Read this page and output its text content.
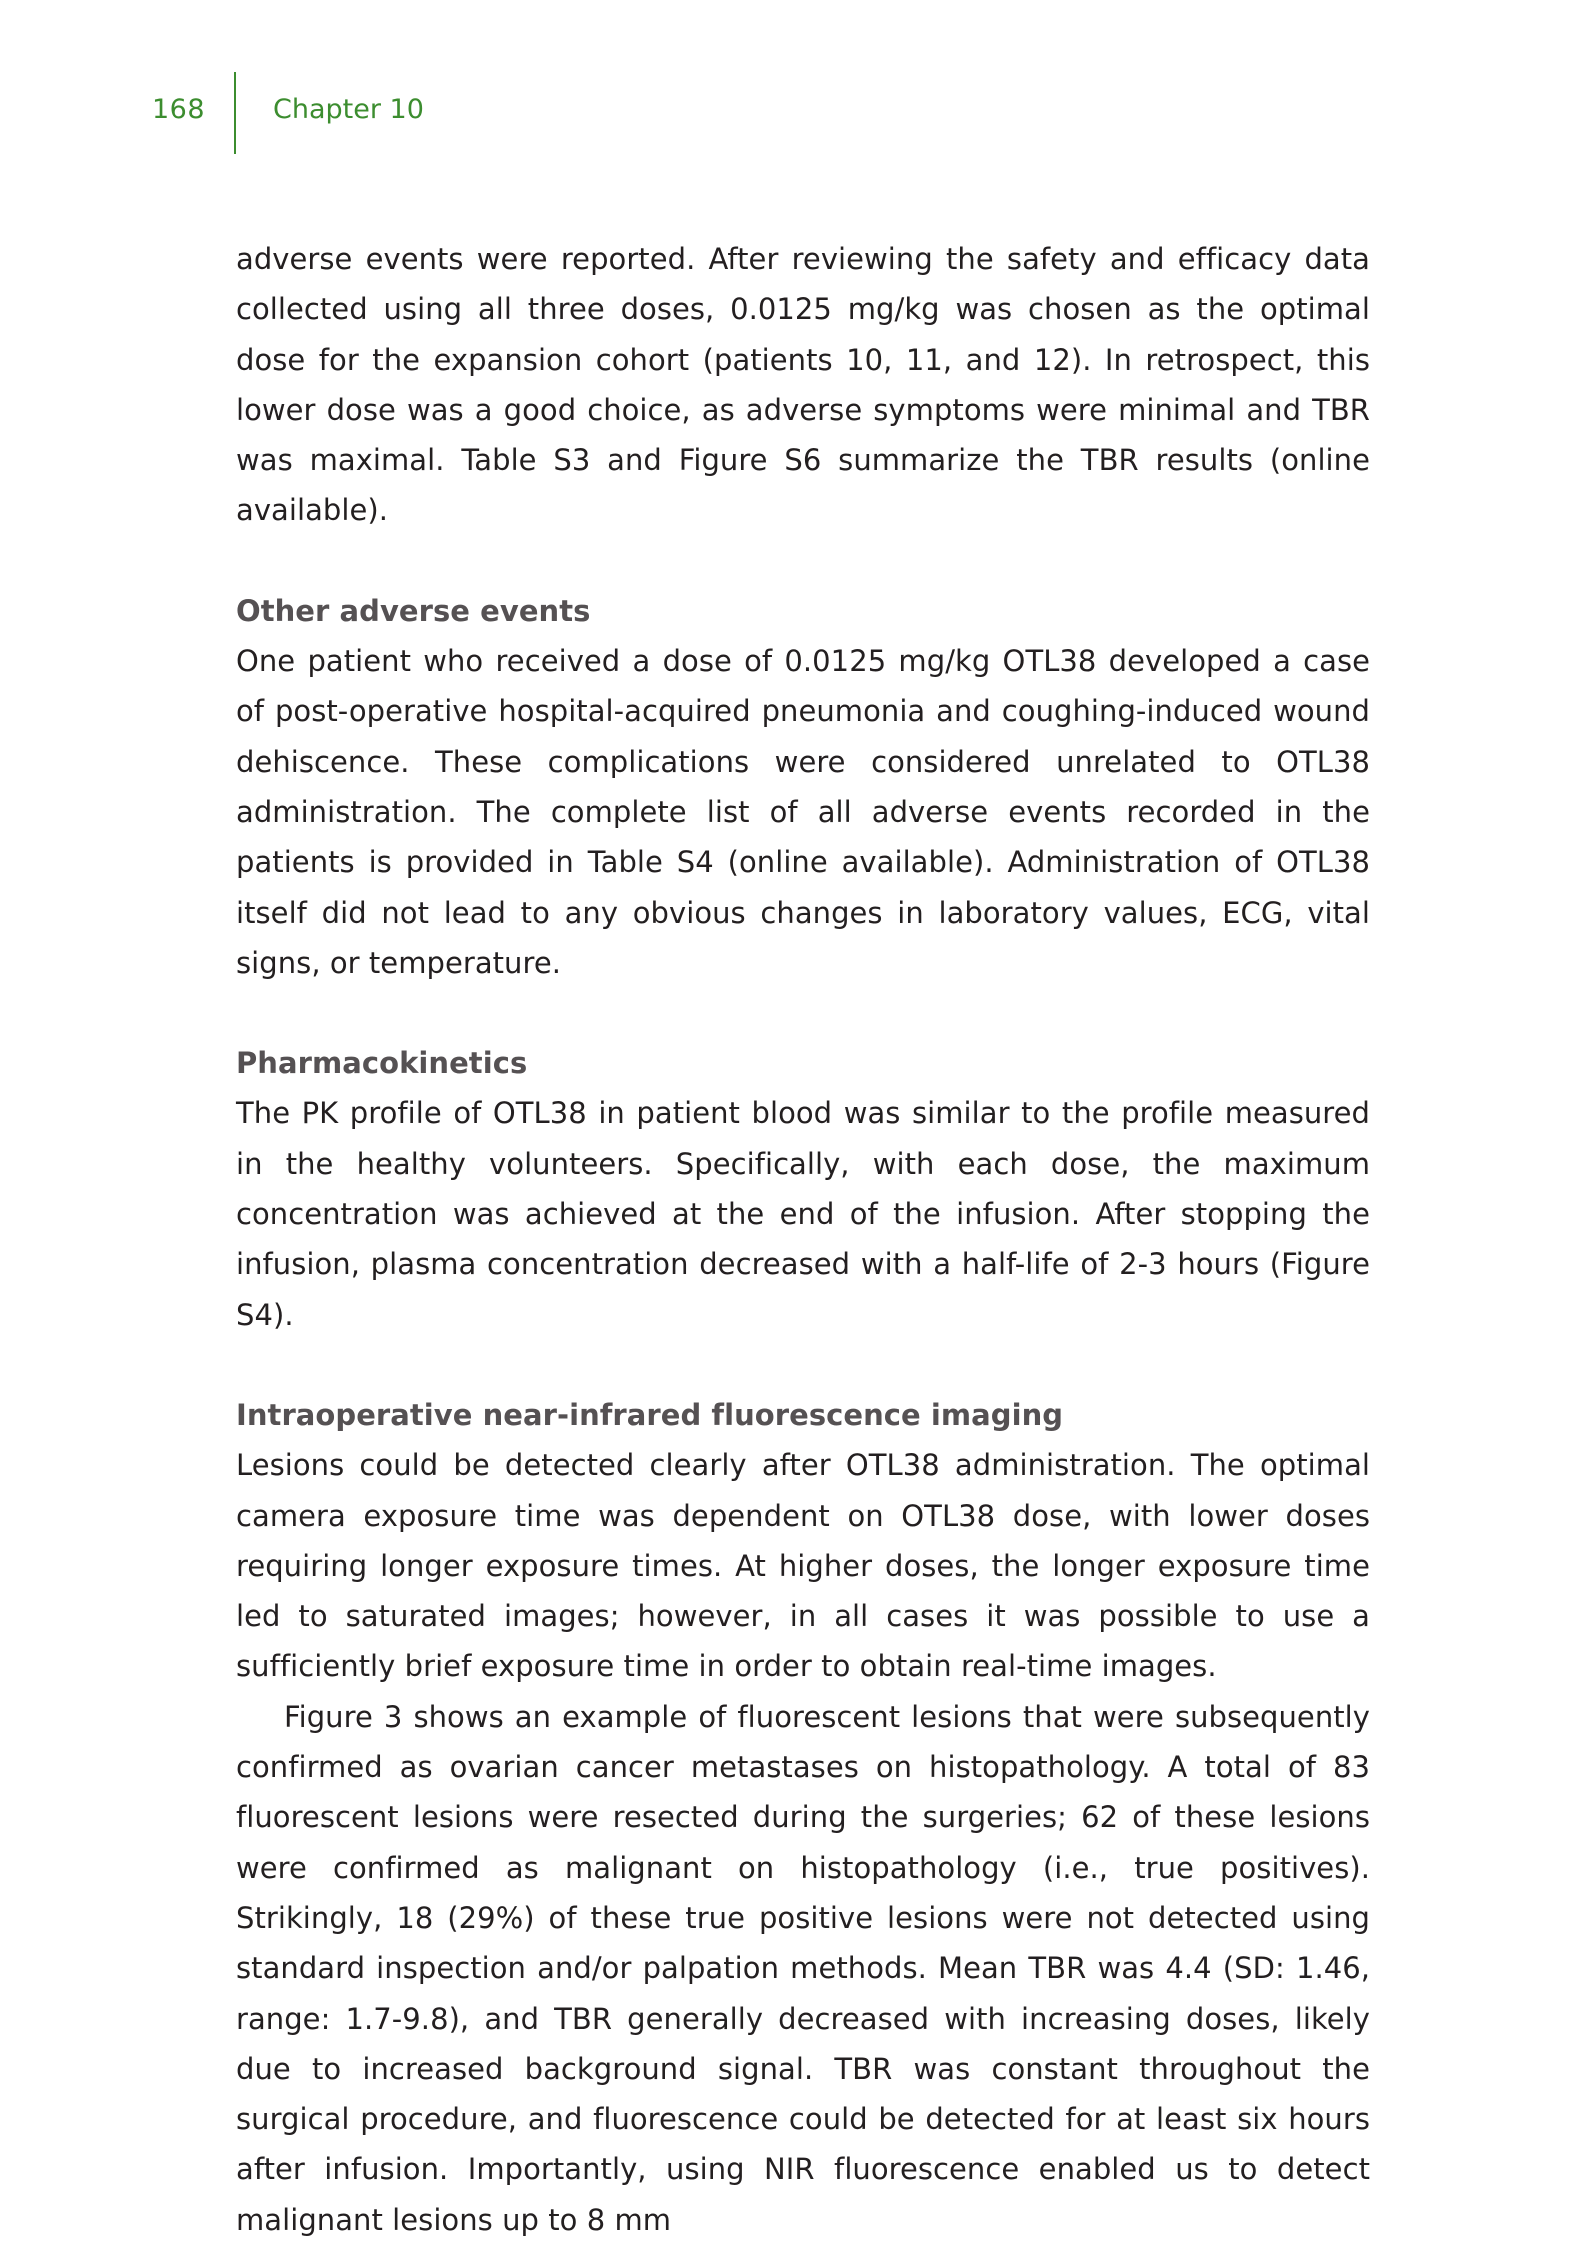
168	Chapter 10

adverse events were reported. After reviewing the safety and efficacy data collected using all three doses, 0.0125 mg/kg was chosen as the optimal dose for the expansion cohort (patients 10, 11, and 12). In retrospect, this lower dose was a good choice, as adverse symptoms were minimal and TBR was maximal. Table S3 and Figure S6 summarize the TBR results (online available).

Other adverse events

One patient who received a dose of 0.0125 mg/kg OTL38 developed a case of post-operative hospital-acquired pneumonia and coughing-induced wound dehiscence. These complications were considered unrelated to OTL38 administration. The complete list of all adverse events recorded in the patients is provided in Table S4 (online available). Administration of OTL38 itself did not lead to any obvious changes in laboratory values, ECG, vital signs, or temperature.

Pharmacokinetics

The PK profile of OTL38 in patient blood was similar to the profile measured in the healthy volunteers. Specifically, with each dose, the maximum concentration was achieved at the end of the infusion. After stopping the infusion, plasma concentration decreased with a half-life of 2-3 hours (Figure S4).

Intraoperative near-infrared fluorescence imaging

Lesions could be detected clearly after OTL38 administration. The optimal camera exposure time was dependent on OTL38 dose, with lower doses requiring longer exposure times. At higher doses, the longer exposure time led to saturated images; however, in all cases it was possible to use a sufficiently brief exposure time in order to obtain real-time images.

Figure 3 shows an example of fluorescent lesions that were subsequently confirmed as ovarian cancer metastases on histopathology. A total of 83 fluorescent lesions were resected during the surgeries; 62 of these lesions were confirmed as malignant on histopathology (i.e., true positives). Strikingly, 18 (29%) of these true positive lesions were not detected using standard inspection and/or palpation methods. Mean TBR was 4.4 (SD: 1.46, range: 1.7-9.8), and TBR generally decreased with increasing doses, likely due to increased background signal. TBR was constant throughout the surgical procedure, and fluorescence could be detected for at least six hours after infusion. Importantly, using NIR fluorescence enabled us to detect malignant lesions up to 8 mm
